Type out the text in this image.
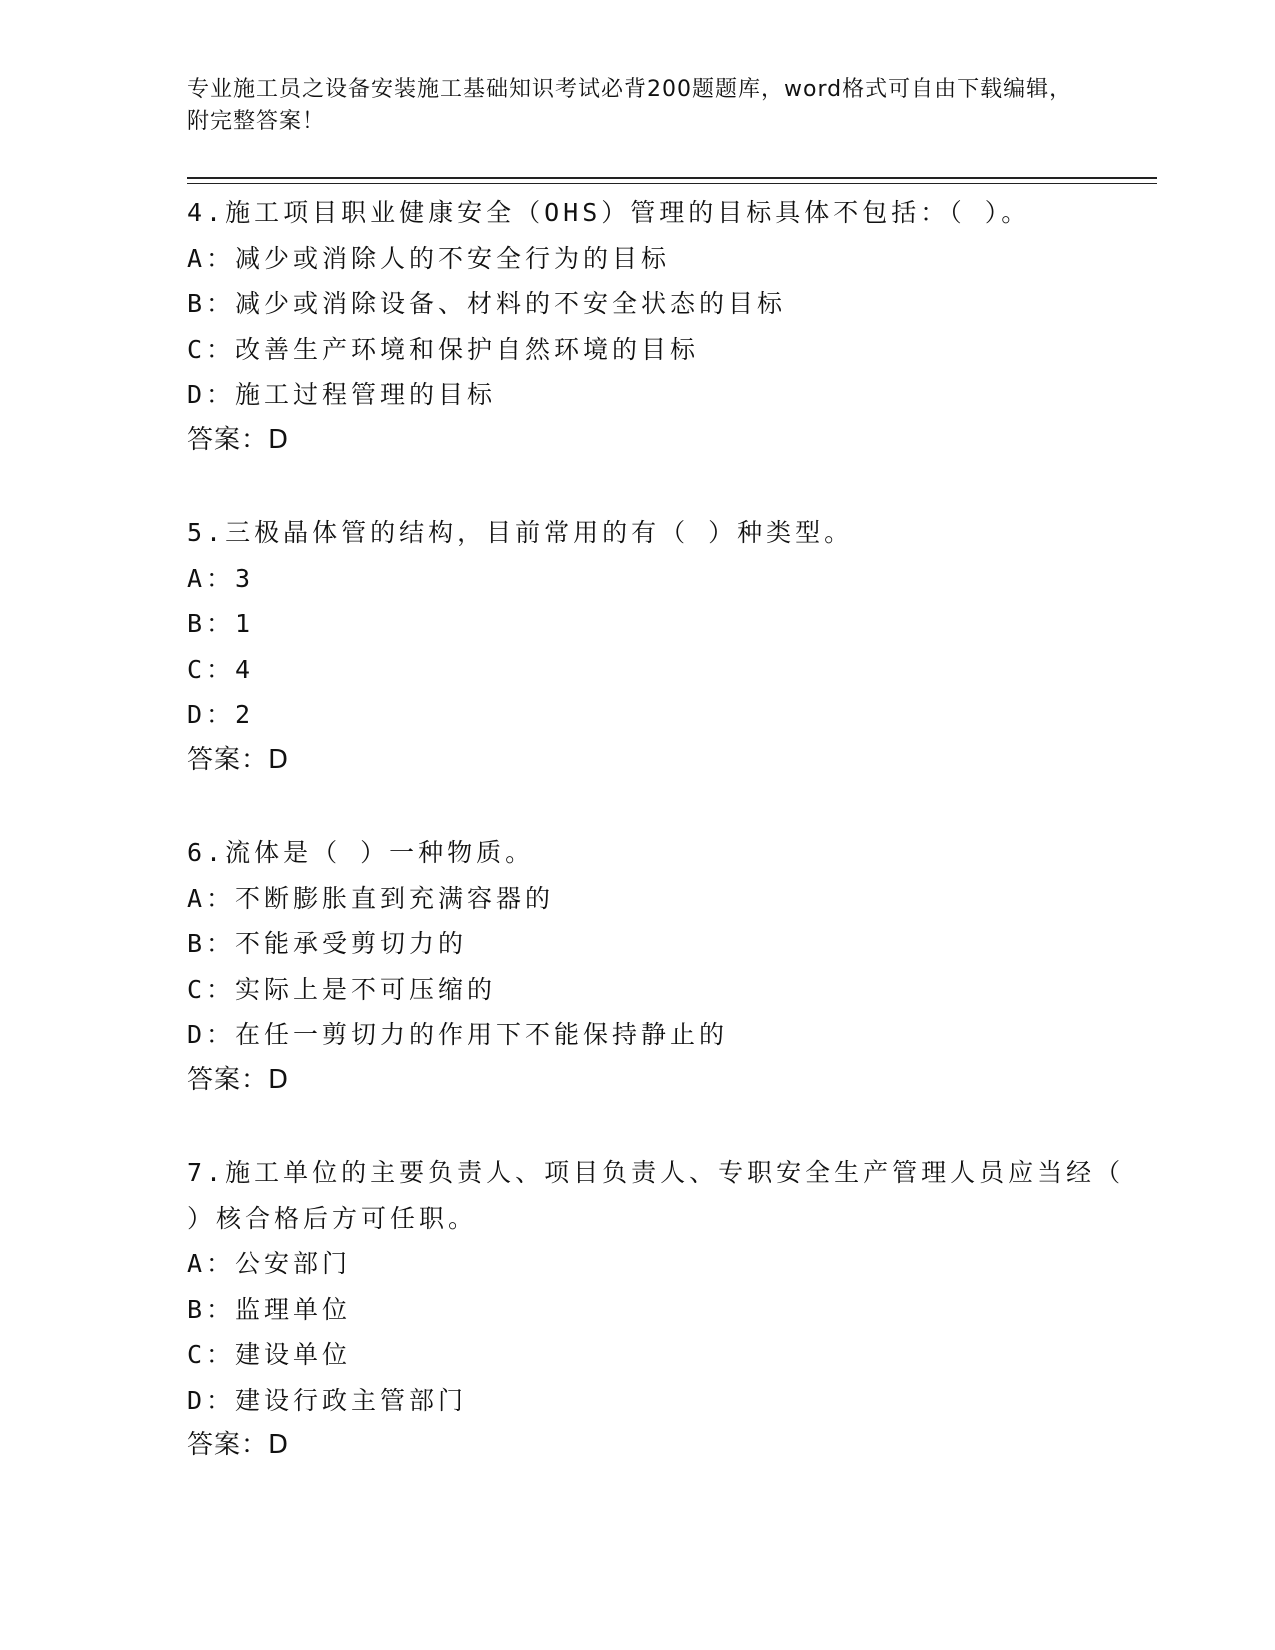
专业施工员之设备安装施工基础知识考试必背200题题库，word格式可自由下载编辑，附完整答案！
4.施工项目职业健康安全（OHS）管理的目标具体不包括：（ ）。
A：减少或消除人的不安全行为的目标
B：减少或消除设备、材料的不安全状态的目标
C：改善生产环境和保护自然环境的目标
D：施工过程管理的目标
答案：D
5.三极晶体管的结构，目前常用的有（ ）种类型。
A：3
B：1
C：4
D：2
答案：D
6.流体是（ ）一种物质。
A：不断膨胀直到充满容器的
B：不能承受剪切力的
C：实际上是不可压缩的
D：在任一剪切力的作用下不能保持静止的
答案：D
7.施工单位的主要负责人、项目负责人、专职安全生产管理人员应当经（ ）核合格后方可任职。
A：公安部门
B：监理单位
C：建设单位
D：建设行政主管部门
答案：D
